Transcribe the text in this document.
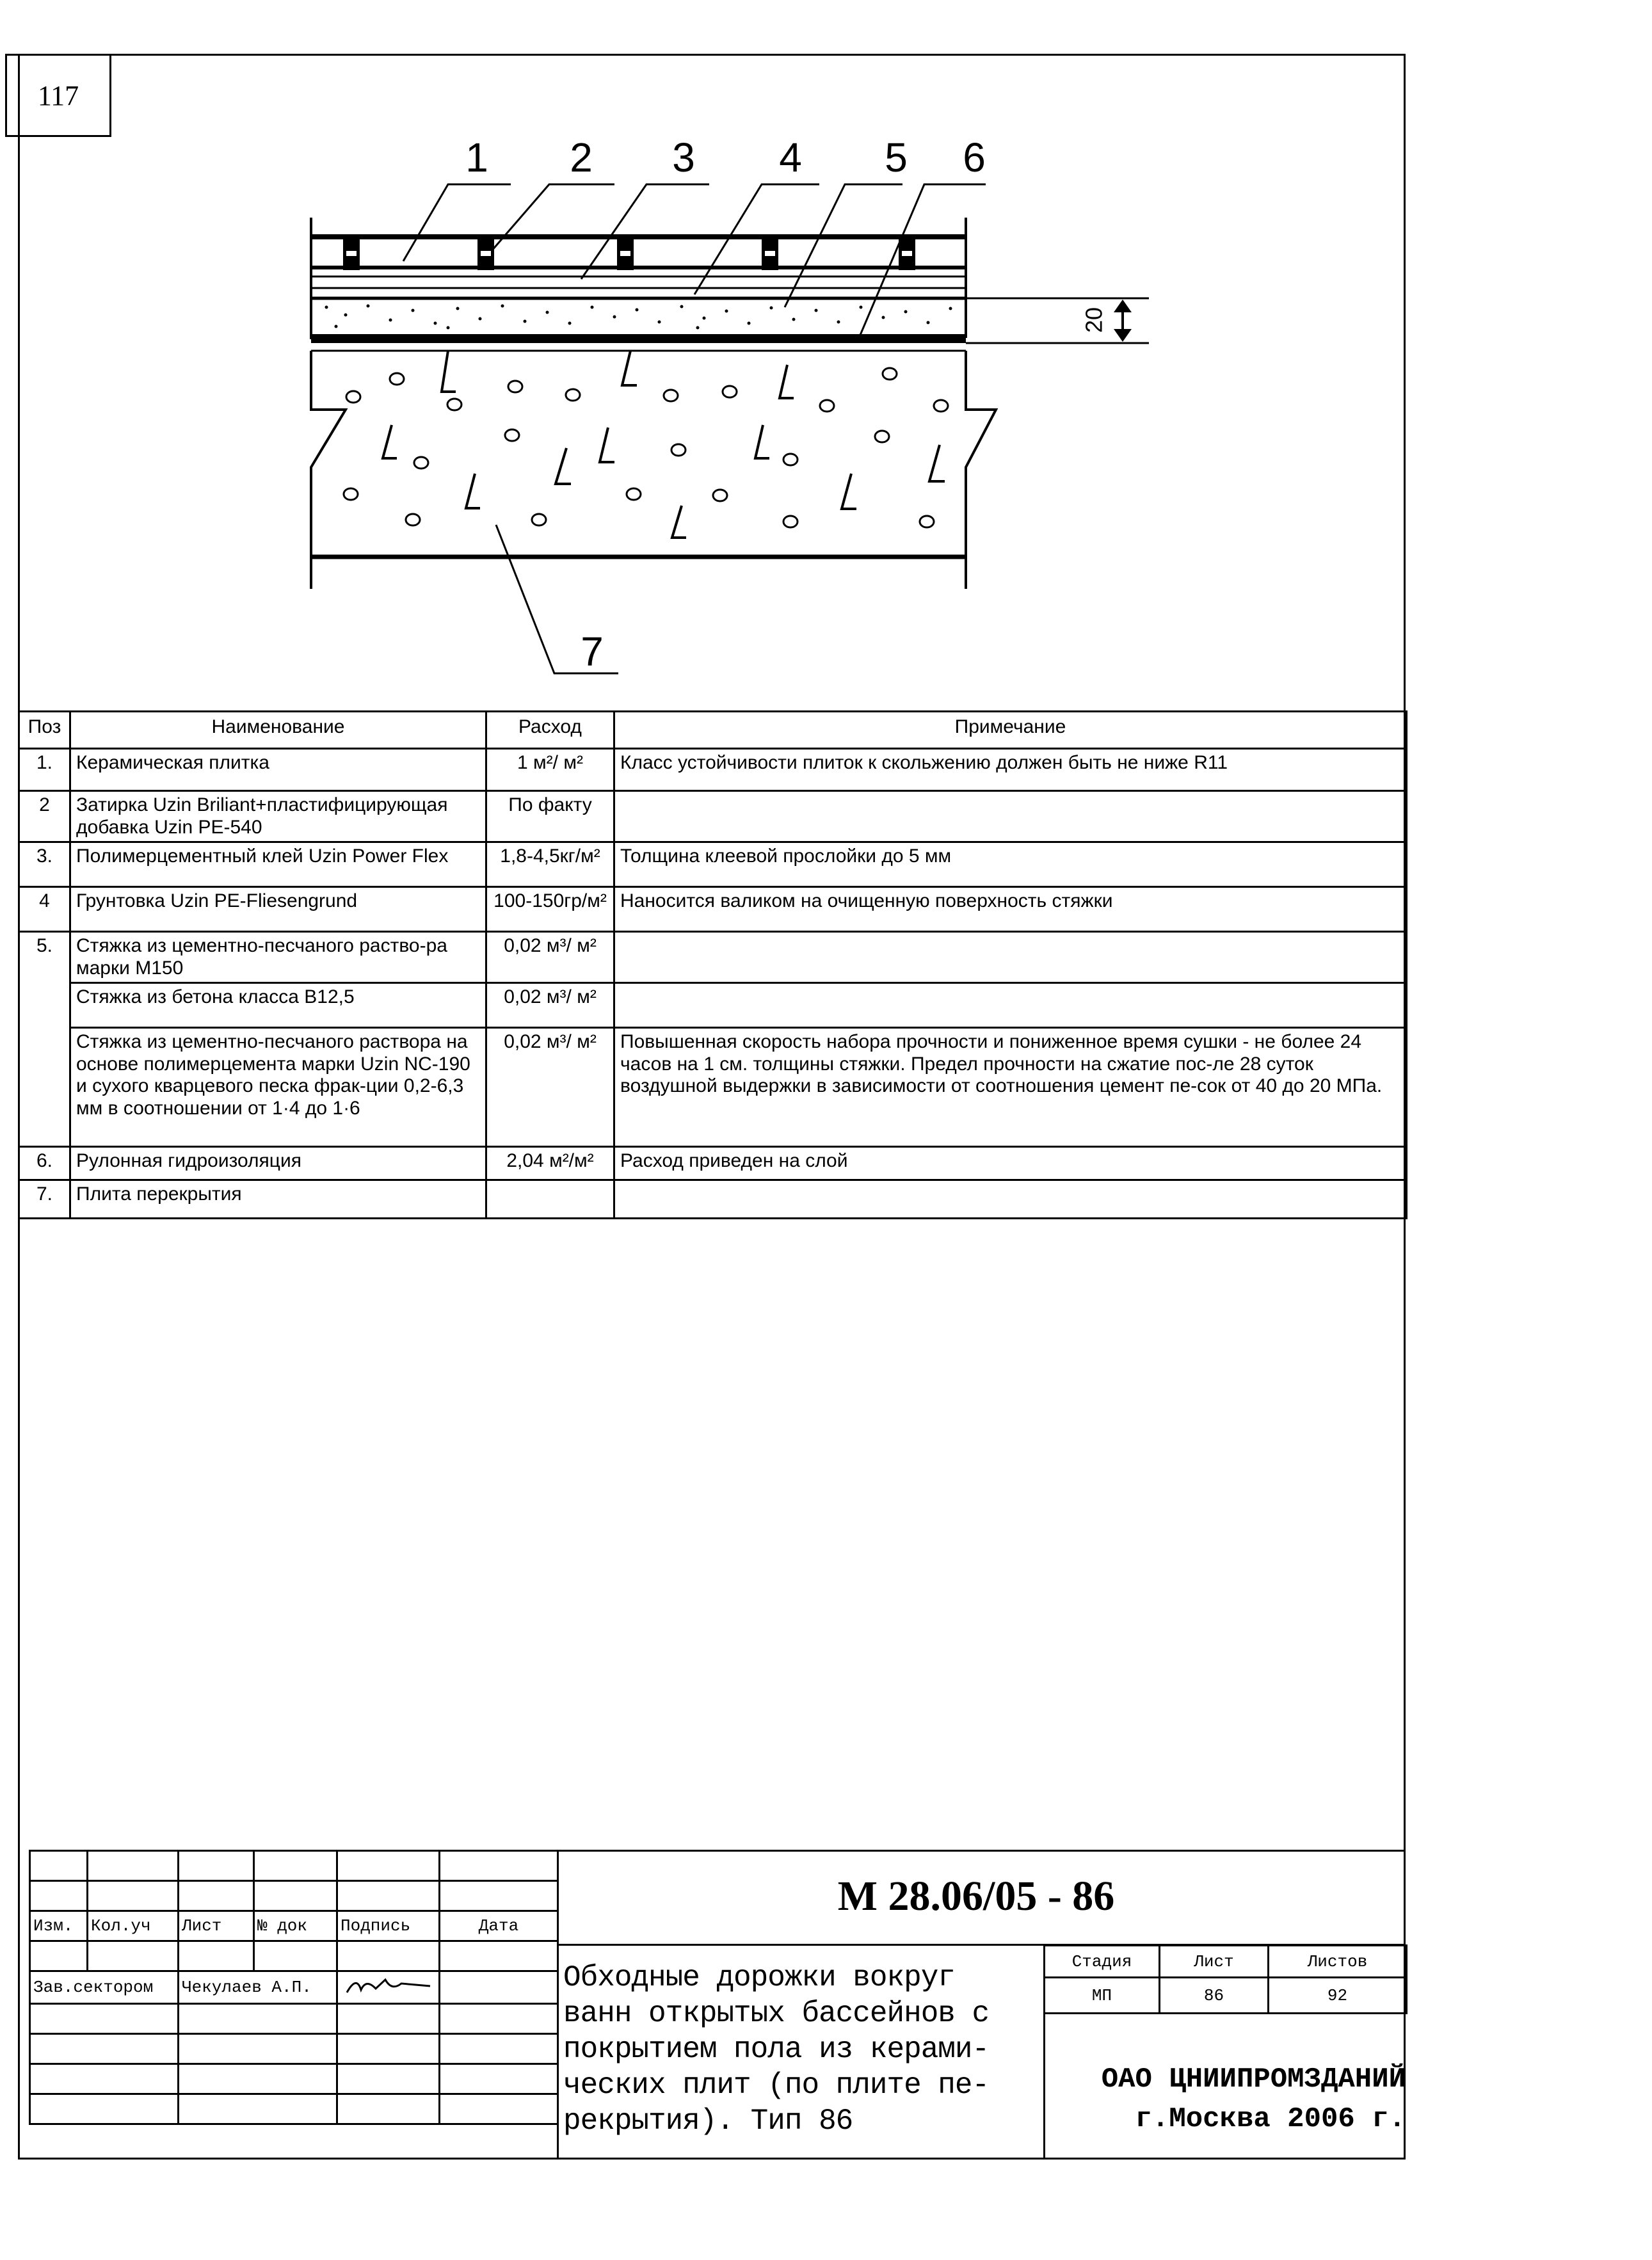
117
20
1 2 3 4 5 6
7
Поз	Наименование	Расход	Примечание
1.	Керамическая плитка	1 м²/ м²	Класс устойчивости плиток к скольжению должен быть не ниже R11
2	Затирка Uzin Briliant+пластифицирующая добавка Uzin PE-540	По факту	
3.	Полимерцементный клей Uzin Power Flex	1,8-4,5кг/м²	Толщина клеевой прослойки до 5 мм
4	Грунтовка Uzin PE-Fliesengrund	100-150гр/м²	Наносится валиком на очищенную поверхность стяжки
5.	Стяжка из цементно-песчаного раство-ра марки М150	0,02 м³/ м²	
	Стяжка из бетона класса В12,5	0,02 м³/ м²	
	Стяжка из цементно-песчаного раствора на основе полимерцемента марки Uzin NC-190 и сухого кварцевого песка фрак-ции 0,2-6,3 мм в соотношении от 1·4 до 1·6	0,02 м³/ м²	Повышенная скорость набора прочности и пониженное время сушки - не более 24 часов на 1 см. толщины стяжки. Предел прочности на сжатие пос-ле 28 суток воздушной выдержки в зависимости от соотношения цемент пе-сок от 40 до 20 МПа.
6.	Рулонная гидроизоляция	2,04 м²/м²	Расход приведен на слой
7.	Плита перекрытия		

Изм.	Кол.уч	Лист	№ док	Подпись	Дата

Зав.сектором		Чекулаев А.П.		

М 28.06/05 - 86
Обходные дорожки вокруг ванн открытых бассейнов с покрытием пола из керами-ческих плит (по плите пе-рекрытия). Тип 86
Стадия	Лист	Листов
МП	86	92
ОАО ЦНИИПРОМЗДАНИЙ
г.Москва 2006 г.
